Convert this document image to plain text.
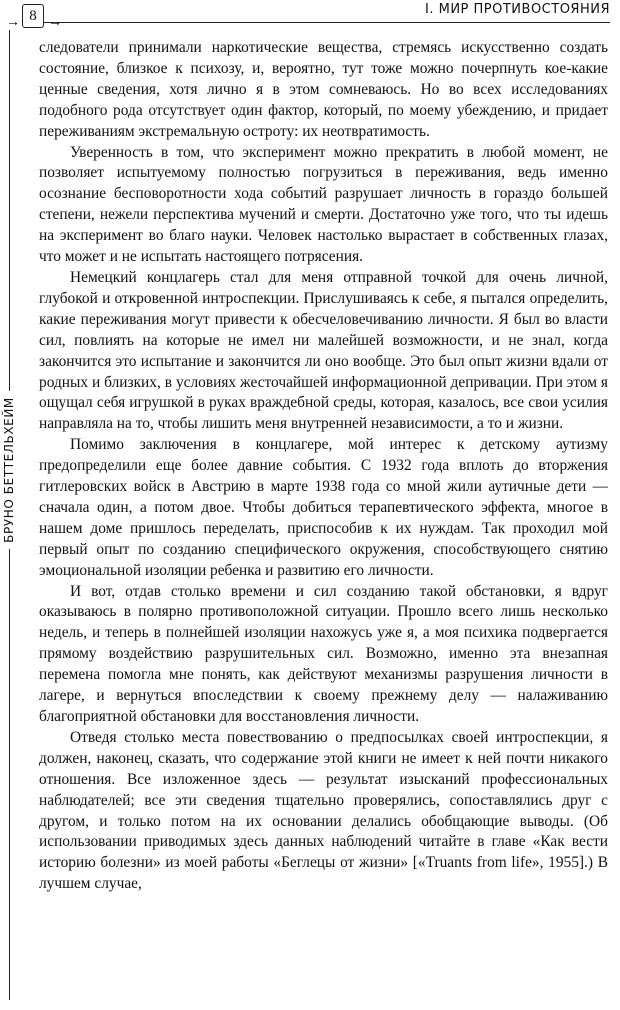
→ 8 →
I. МИР ПРОТИВОСТОЯНИЯ
БРУНО БЕТТЕЛЬХЕЙМ

следователи принимали наркотические вещества, стремясь искусственно создать состояние, близкое к психозу, и, вероятно, тут тоже можно почерпнуть кое-какие ценные сведения, хотя лично я в этом сомневаюсь. Но во всех исследованиях подобного рода отсутствует один фактор, который, по моему убеждению, и придает переживаниям экстремальную остроту: их неотвратимость.

Уверенность в том, что эксперимент можно прекратить в любой момент, не позволяет испытуемому полностью погрузиться в переживания, ведь именно осознание бесповоротности хода событий разрушает личность в гораздо большей степени, нежели перспектива мучений и смерти. Достаточно уже того, что ты идешь на эксперимент во благо науки. Человек настолько вырастает в собственных глазах, что может и не испытать настоящего потрясения.

Немецкий концлагерь стал для меня отправной точкой для очень личной, глубокой и откровенной интроспекции. Прислушиваясь к себе, я пытался определить, какие переживания могут привести к обесчеловечиванию личности. Я был во власти сил, повлиять на которые не имел ни малейшей возможности, и не знал, когда закончится это испытание и закончится ли оно вообще. Это был опыт жизни вдали от родных и близких, в условиях жесточайшей информационной депривации. При этом я ощущал себя игрушкой в руках враждебной среды, которая, казалось, все свои усилия направляла на то, чтобы лишить меня внутренней независимости, а то и жизни.

Помимо заключения в концлагере, мой интерес к детскому аутизму предопределили еще более давние события. С 1932 года вплоть до вторжения гитлеровских войск в Австрию в марте 1938 года со мной жили аутичные дети — сначала один, а потом двое. Чтобы добиться терапевтического эффекта, многое в нашем доме пришлось переделать, приспособив к их нуждам. Так проходил мой первый опыт по созданию специфического окружения, способствующего снятию эмоциональной изоляции ребенка и развитию его личности.

И вот, отдав столько времени и сил созданию такой обстановки, я вдруг оказываюсь в полярно противоположной ситуации. Прошло всего лишь несколько недель, и теперь в полнейшей изоляции нахожусь уже я, а моя психика подвергается прямому воздействию разрушительных сил. Возможно, именно эта внезапная перемена помогла мне понять, как действуют механизмы разрушения личности в лагере, и вернуться впоследствии к своему прежнему делу — налаживанию благоприятной обстановки для восстановления личности.

Отведя столько места повествованию о предпосылках своей интроспекции, я должен, наконец, сказать, что содержание этой книги не имеет к ней почти никакого отношения. Все изложенное здесь — результат изысканий профессиональных наблюдателей; все эти сведения тщательно проверялись, сопоставлялись друг с другом, и только потом на их основании делались обобщающие выводы. (Об использовании приводимых здесь данных наблюдений читайте в главе «Как вести историю болезни» из моей работы «Беглецы от жизни» [«Truants from life», 1955].) В лучшем случае,
